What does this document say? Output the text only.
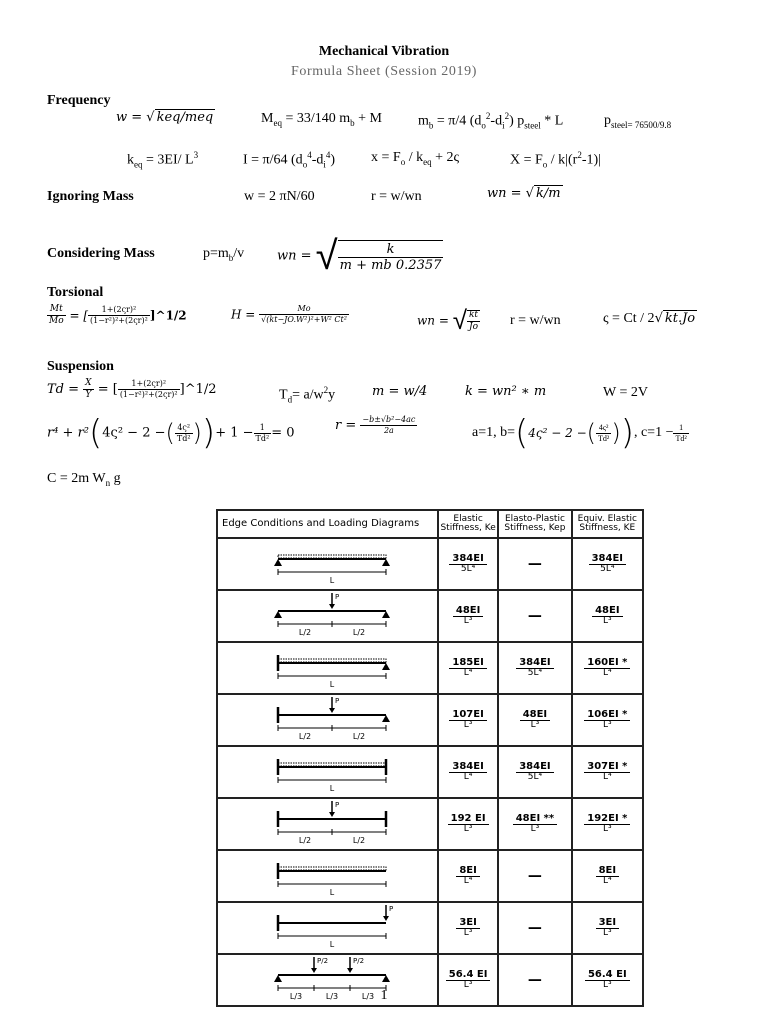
Mechanical Vibration
Formula Sheet (Session 2019)
Frequency
w = √ keq/meq	$M_{eq} = 33/140$ $m_b + M$	$m_b = \pi/4$ $(d_o^2-d_i^2)$ $p_{steel}$ * L	$p_{steel= 76500/9.8}$
$k_{eq} = 3EI/$ $L^3$	I = π/64 $(d_o^4-d_i^4)$	$x = F_o / k_{eq} + 2\varsigma$	$X = F_o / k|(r^2-1)|$
Ignoring Mass	w = 2 πN/60	r = w/wn	wn = √ k/m
Considering Mass	$p=m_b/v$	wn = √ $\frac{k}{m + mb 0.2357}$
Torsional
$\frac{Mt}{Mo}$ = [ $\frac{\text{1+(2ςr)²}}{\text{(1−r²)²+(2ςr)²}}$ ]^1/2	$H = \frac{Mo}{\text{√(kt−JO.W²)²+W² Ct²}}$	wn = √ $\frac{kt}{Jo}$ r = w/wn	ς = Ct / 2√ kt.Jo
Suspension
$Td = \frac{X}{Y}$ = [ $\frac{\text{1+(2ςr)²}}{\text{(1−r²)²+(2ςr)²}}$ ]^1/2	$T_d= a/w^2y$	m = w/4	k = wn² ∗ m	W = 2V
r⁴ + r²(4ς² − 2 −( $\frac{\text{4ς²}}{\text{Td²}}$ ))+ $1 - \frac{1}{\text{Td²}} = 0$	$r = \frac{\text{−b±√b²−4ac}}{2a}$	a=1, b=(4ς² − 2 −( $\frac{\text{4ς²}}{\text{Td²}}$ )), $c=1 - \frac{1}{\text{Td²}}$
C = 2m $W_n$ g
Edge Conditions and Loading Diagrams	Elastic Stiffness, Ke	Elasto-Plastic Stiffness, Kep	Equiv. Elastic Stiffness, KE

L	$\frac{384EI}{\text{5L⁴}}$	—	$\frac{384EI}{\text{5L⁴}}$

P
L/2 L/2	$\frac{48EI}{\text{L³}}$	—	$\frac{48EI}{\text{L³}}$

L	$\frac{185EI}{\text{L⁴}}$	$\frac{384EI}{\text{5L⁴}}$	$\frac{160EI *}{\text{L⁴}}$

P
L/2 L/2	$\frac{107EI}{\text{L³}}$	$\frac{48EI}{\text{L³}}$	$\frac{106EI *}{\text{L³}}$

L	$\frac{384EI}{\text{L⁴}}$	$\frac{384EI}{\text{5L⁴}}$	$\frac{307EI *}{\text{L⁴}}$

P
L/2 L/2	$\frac{192 EI}{\text{L³}}$	$\frac{48EI **}{\text{L³}}$	$\frac{192EI *}{\text{L³}}$

L	$\frac{8EI}{\text{L⁴}}$	—	$\frac{8EI}{\text{L⁴}}$

P
L	$\frac{3EI}{\text{L³}}$	—	$\frac{3EI}{\text{L³}}$

P/2 P/2
L/3 L/3 L/3	$\frac{56.4 EI}{\text{L³}}$	—	$\frac{56.4 EI}{\text{L³}}$
1
